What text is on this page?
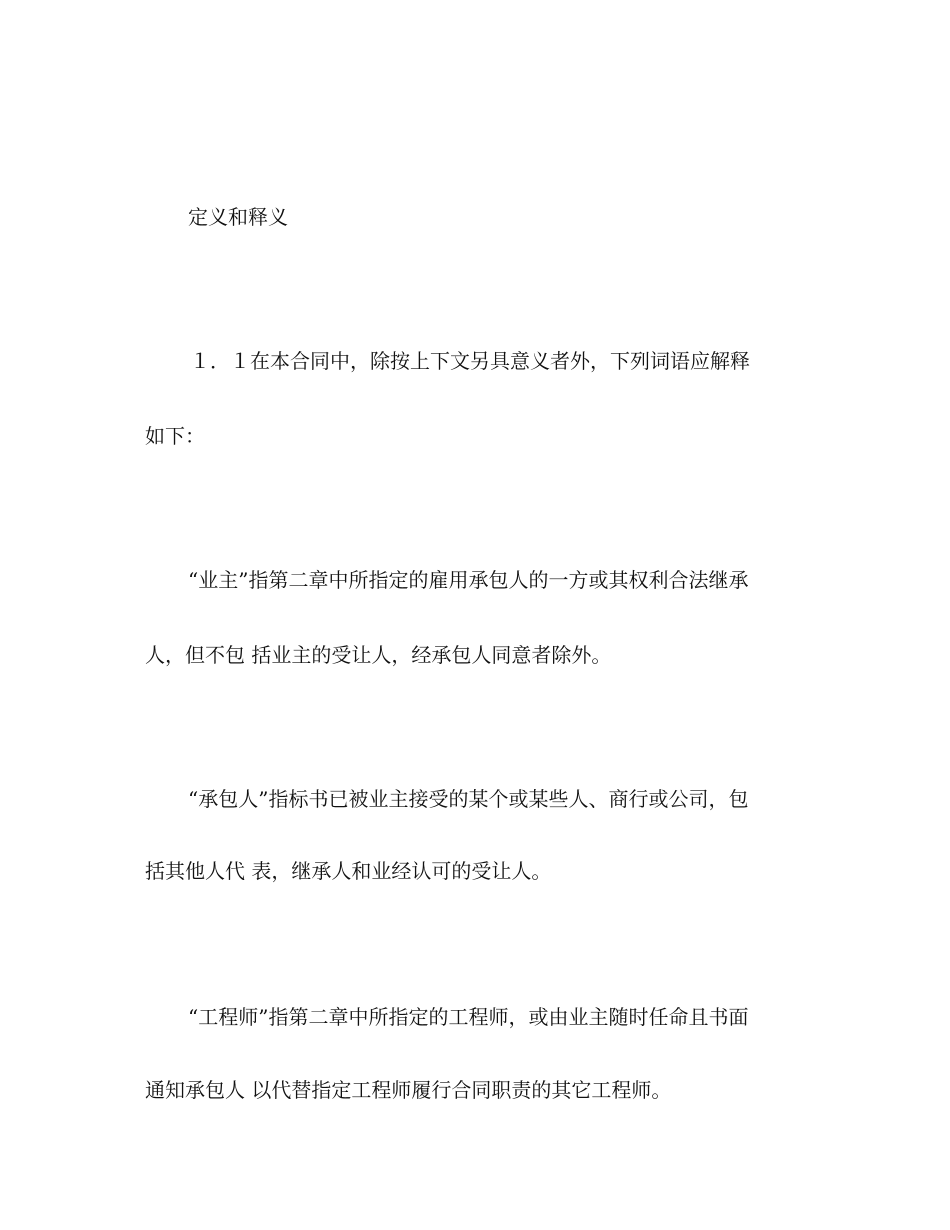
定义和释义
１．１在本合同中，除按上下文另具意义者外，下列词语应解释
如下：
“业主”指第二章中所指定的雇用承包人的一方或其权利合法继承
人，但不包 括业主的受让人，经承包人同意者除外。
“承包人”指标书已被业主接受的某个或某些人、商行或公司，包
括其他人代 表，继承人和业经认可的受让人。
“工程师”指第二章中所指定的工程师，或由业主随时任命且书面
通知承包人 以代替指定工程师履行合同职责的其它工程师。
